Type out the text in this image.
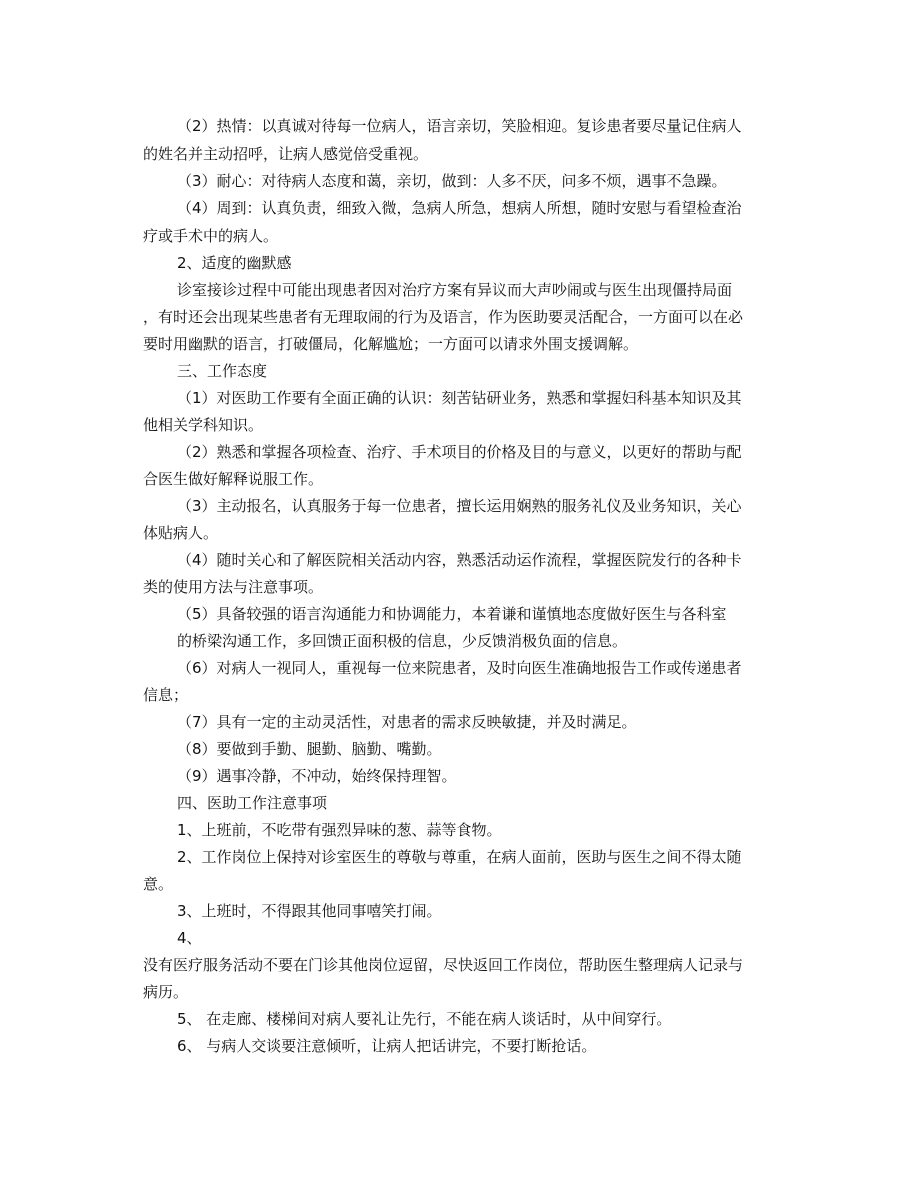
（2）热情：以真诚对待每一位病人，语言亲切，笑脸相迎。复诊患者要尽量记住病人
的姓名并主动招呼，让病人感觉倍受重视。
（3）耐心：对待病人态度和蔼，亲切，做到：人多不厌，问多不烦，遇事不急躁。
（4）周到：认真负责，细致入微，急病人所急，想病人所想，随时安慰与看望检查治
疗或手术中的病人。
2、适度的幽默感
诊室接诊过程中可能出现患者因对治疗方案有异议而大声吵闹或与医生出现僵持局面
，有时还会出现某些患者有无理取闹的行为及语言，作为医助要灵活配合，一方面可以在必
要时用幽默的语言，打破僵局，化解尴尬；一方面可以请求外围支援调解。
三、工作态度
（1）对医助工作要有全面正确的认识：刻苦钻研业务，熟悉和掌握妇科基本知识及其
他相关学科知识。
（2）熟悉和掌握各项检查、治疗、手术项目的价格及目的与意义，以更好的帮助与配
合医生做好解释说服工作。
（3）主动报名，认真服务于每一位患者，擅长运用娴熟的服务礼仪及业务知识，关心
体贴病人。
（4）随时关心和了解医院相关活动内容，熟悉活动运作流程，掌握医院发行的各种卡
类的使用方法与注意事项。
（5）具备较强的语言沟通能力和协调能力，本着谦和谨慎地态度做好医生与各科室
的桥梁沟通工作，多回馈正面积极的信息，少反馈消极负面的信息。
（6）对病人一视同人，重视每一位来院患者，及时向医生准确地报告工作或传递患者
信息；
（7）具有一定的主动灵活性，对患者的需求反映敏捷，并及时满足。
（8）要做到手勤、腿勤、脑勤、嘴勤。
（9）遇事冷静，不冲动，始终保持理智。
四、医助工作注意事项
1、上班前，不吃带有强烈异味的葱、蒜等食物。
2、工作岗位上保持对诊室医生的尊敬与尊重，在病人面前，医助与医生之间不得太随
意。
3、上班时，不得跟其他同事嘻笑打闹。
4、
没有医疗服务活动不要在门诊其他岗位逗留，尽快返回工作岗位，帮助医生整理病人记录与
病历。
5、 在走廊、楼梯间对病人要礼让先行，不能在病人谈话时，从中间穿行。
6、 与病人交谈要注意倾听，让病人把话讲完，不要打断抢话。
